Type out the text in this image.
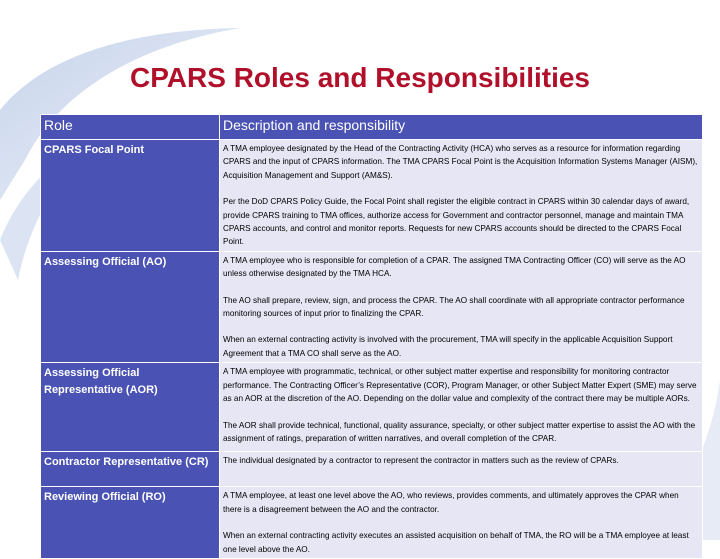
CPARS Roles and Responsibilities
Role	Description and responsibility
CPARS Focal Point	A TMA employee designated by the Head of the Contracting Activity (HCA) who serves as a resource for information regarding CPARS and the input of CPARS information. The TMA CPARS Focal Point is the Acquisition Information Systems Manager (AISM), Acquisition Management and Support (AM&S).

Per the DoD CPARS Policy Guide, the Focal Point shall register the eligible contract in CPARS within 30 calendar days of award, provide CPARS training to TMA offices, authorize access for Government and contractor personnel, manage and maintain TMA CPARS accounts, and control and monitor reports. Requests for new CPARS accounts should be directed to the CPARS Focal Point.

Assessing Official (AO)	A TMA employee who is responsible for completion of a CPAR. The assigned TMA Contracting Officer (CO) will serve as the AO unless otherwise designated by the TMA HCA.

The AO shall prepare, review, sign, and process the CPAR. The AO shall coordinate with all appropriate contractor performance monitoring sources of input prior to finalizing the CPAR.

When an external contracting activity is involved with the procurement, TMA will specify in the applicable Acquisition Support Agreement that a TMA CO shall serve as the AO.

Assessing Official Representative (AOR)	A TMA employee with programmatic, technical, or other subject matter expertise and responsibility for monitoring contractor performance. The Contracting Officer’s Representative (COR), Program Manager, or other Subject Matter Expert (SME) may serve as an AOR at the discretion of the AO. Depending on the dollar value and complexity of the contract there may be multiple AORs.

The AOR shall provide technical, functional, quality assurance, specialty, or other subject matter expertise to assist the AO with the assignment of ratings, preparation of written narratives, and overall completion of the CPAR.

Contractor Representative (CR)	The individual designated by a contractor to represent the contractor in matters such as the review of CPARs.

Reviewing Official (RO)	A TMA employee, at least one level above the AO, who reviews, provides comments, and ultimately approves the CPAR when there is a disagreement between the AO and the contractor.

When an external contracting activity executes an assisted acquisition on behalf of TMA, the RO will be a TMA employee at least one level above the AO.
